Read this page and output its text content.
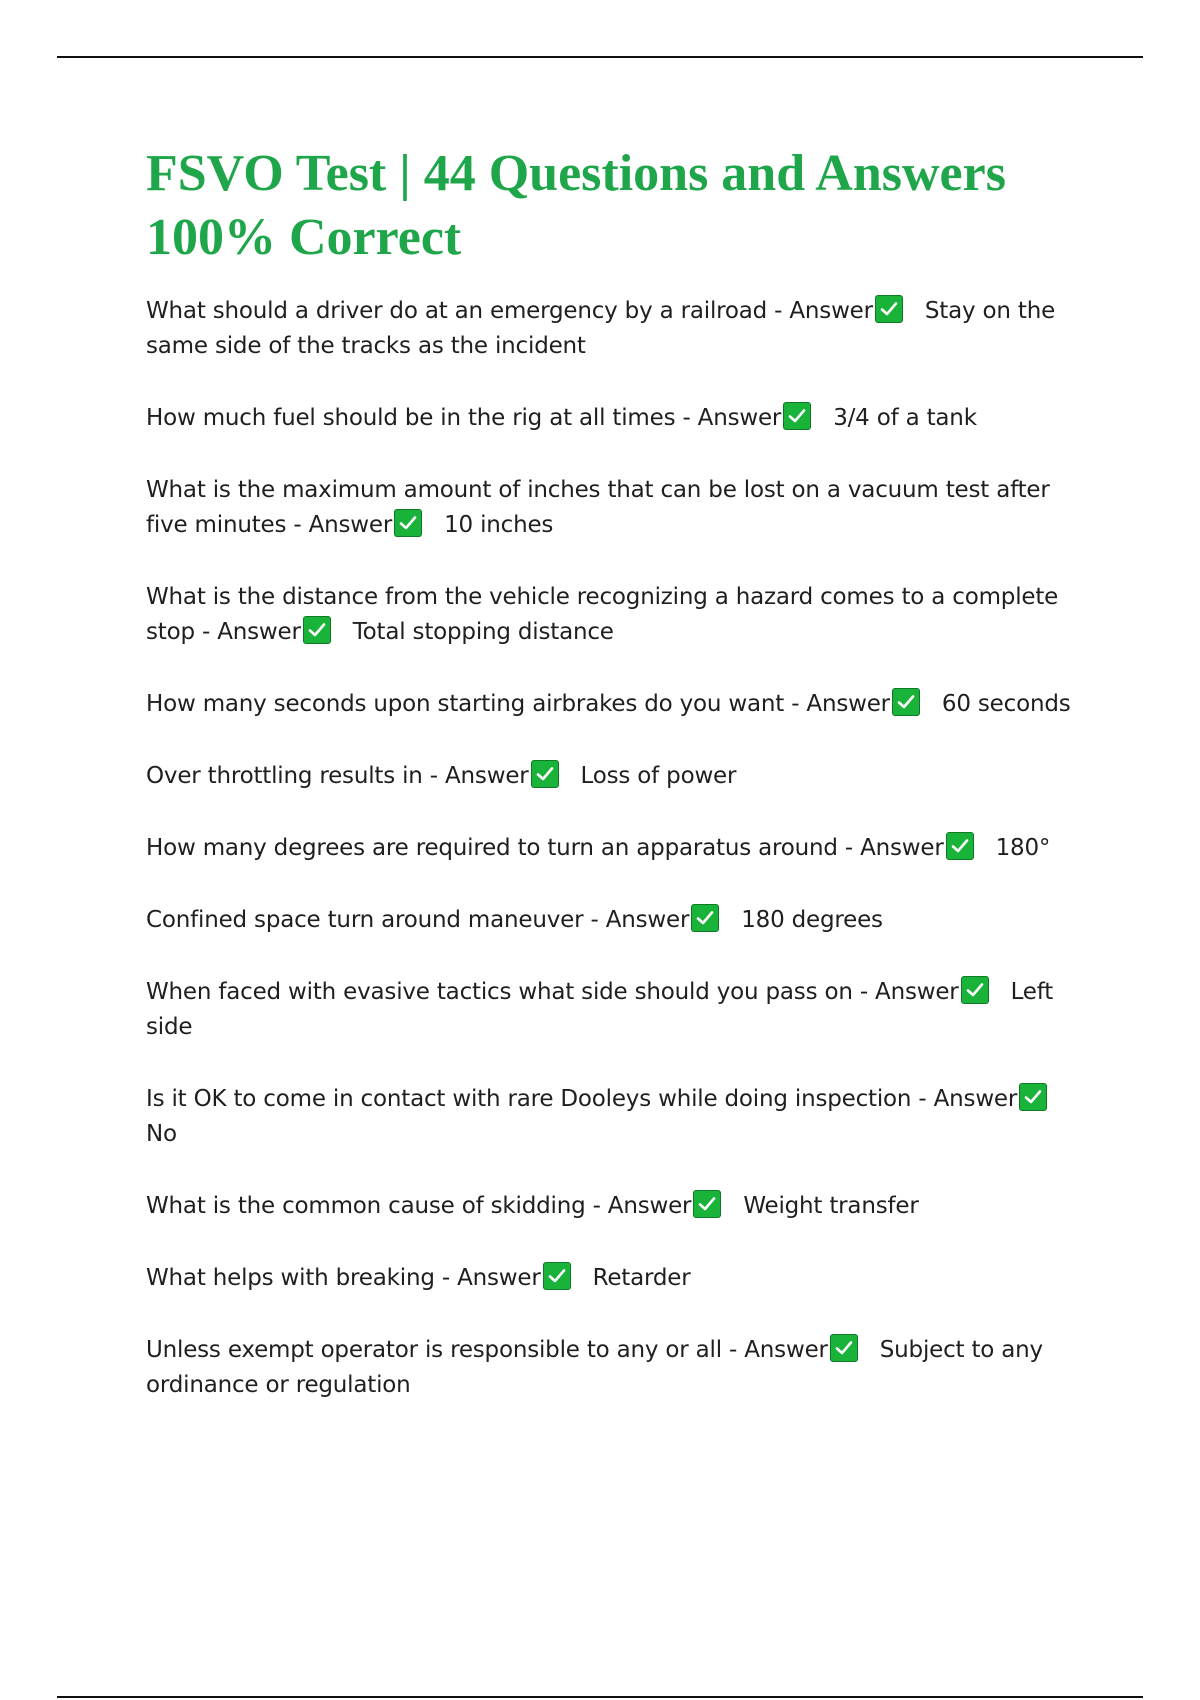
FSVO Test | 44 Questions and Answers 100% Correct
What should a driver do at an emergency by a railroad - Answer Stay on the same side of the tracks as the incident
How much fuel should be in the rig at all times - Answer 3/4 of a tank
What is the maximum amount of inches that can be lost on a vacuum test after five minutes - Answer 10 inches
What is the distance from the vehicle recognizing a hazard comes to a complete stop - Answer Total stopping distance
How many seconds upon starting airbrakes do you want - Answer 60 seconds
Over throttling results in - Answer Loss of power
How many degrees are required to turn an apparatus around - Answer 180°
Confined space turn around maneuver - Answer 180 degrees
When faced with evasive tactics what side should you pass on - Answer Left side
Is it OK to come in contact with rare Dooleys while doing inspection - Answer
No
What is the common cause of skidding - Answer Weight transfer
What helps with breaking - Answer Retarder
Unless exempt operator is responsible to any or all - Answer Subject to any ordinance or regulation
